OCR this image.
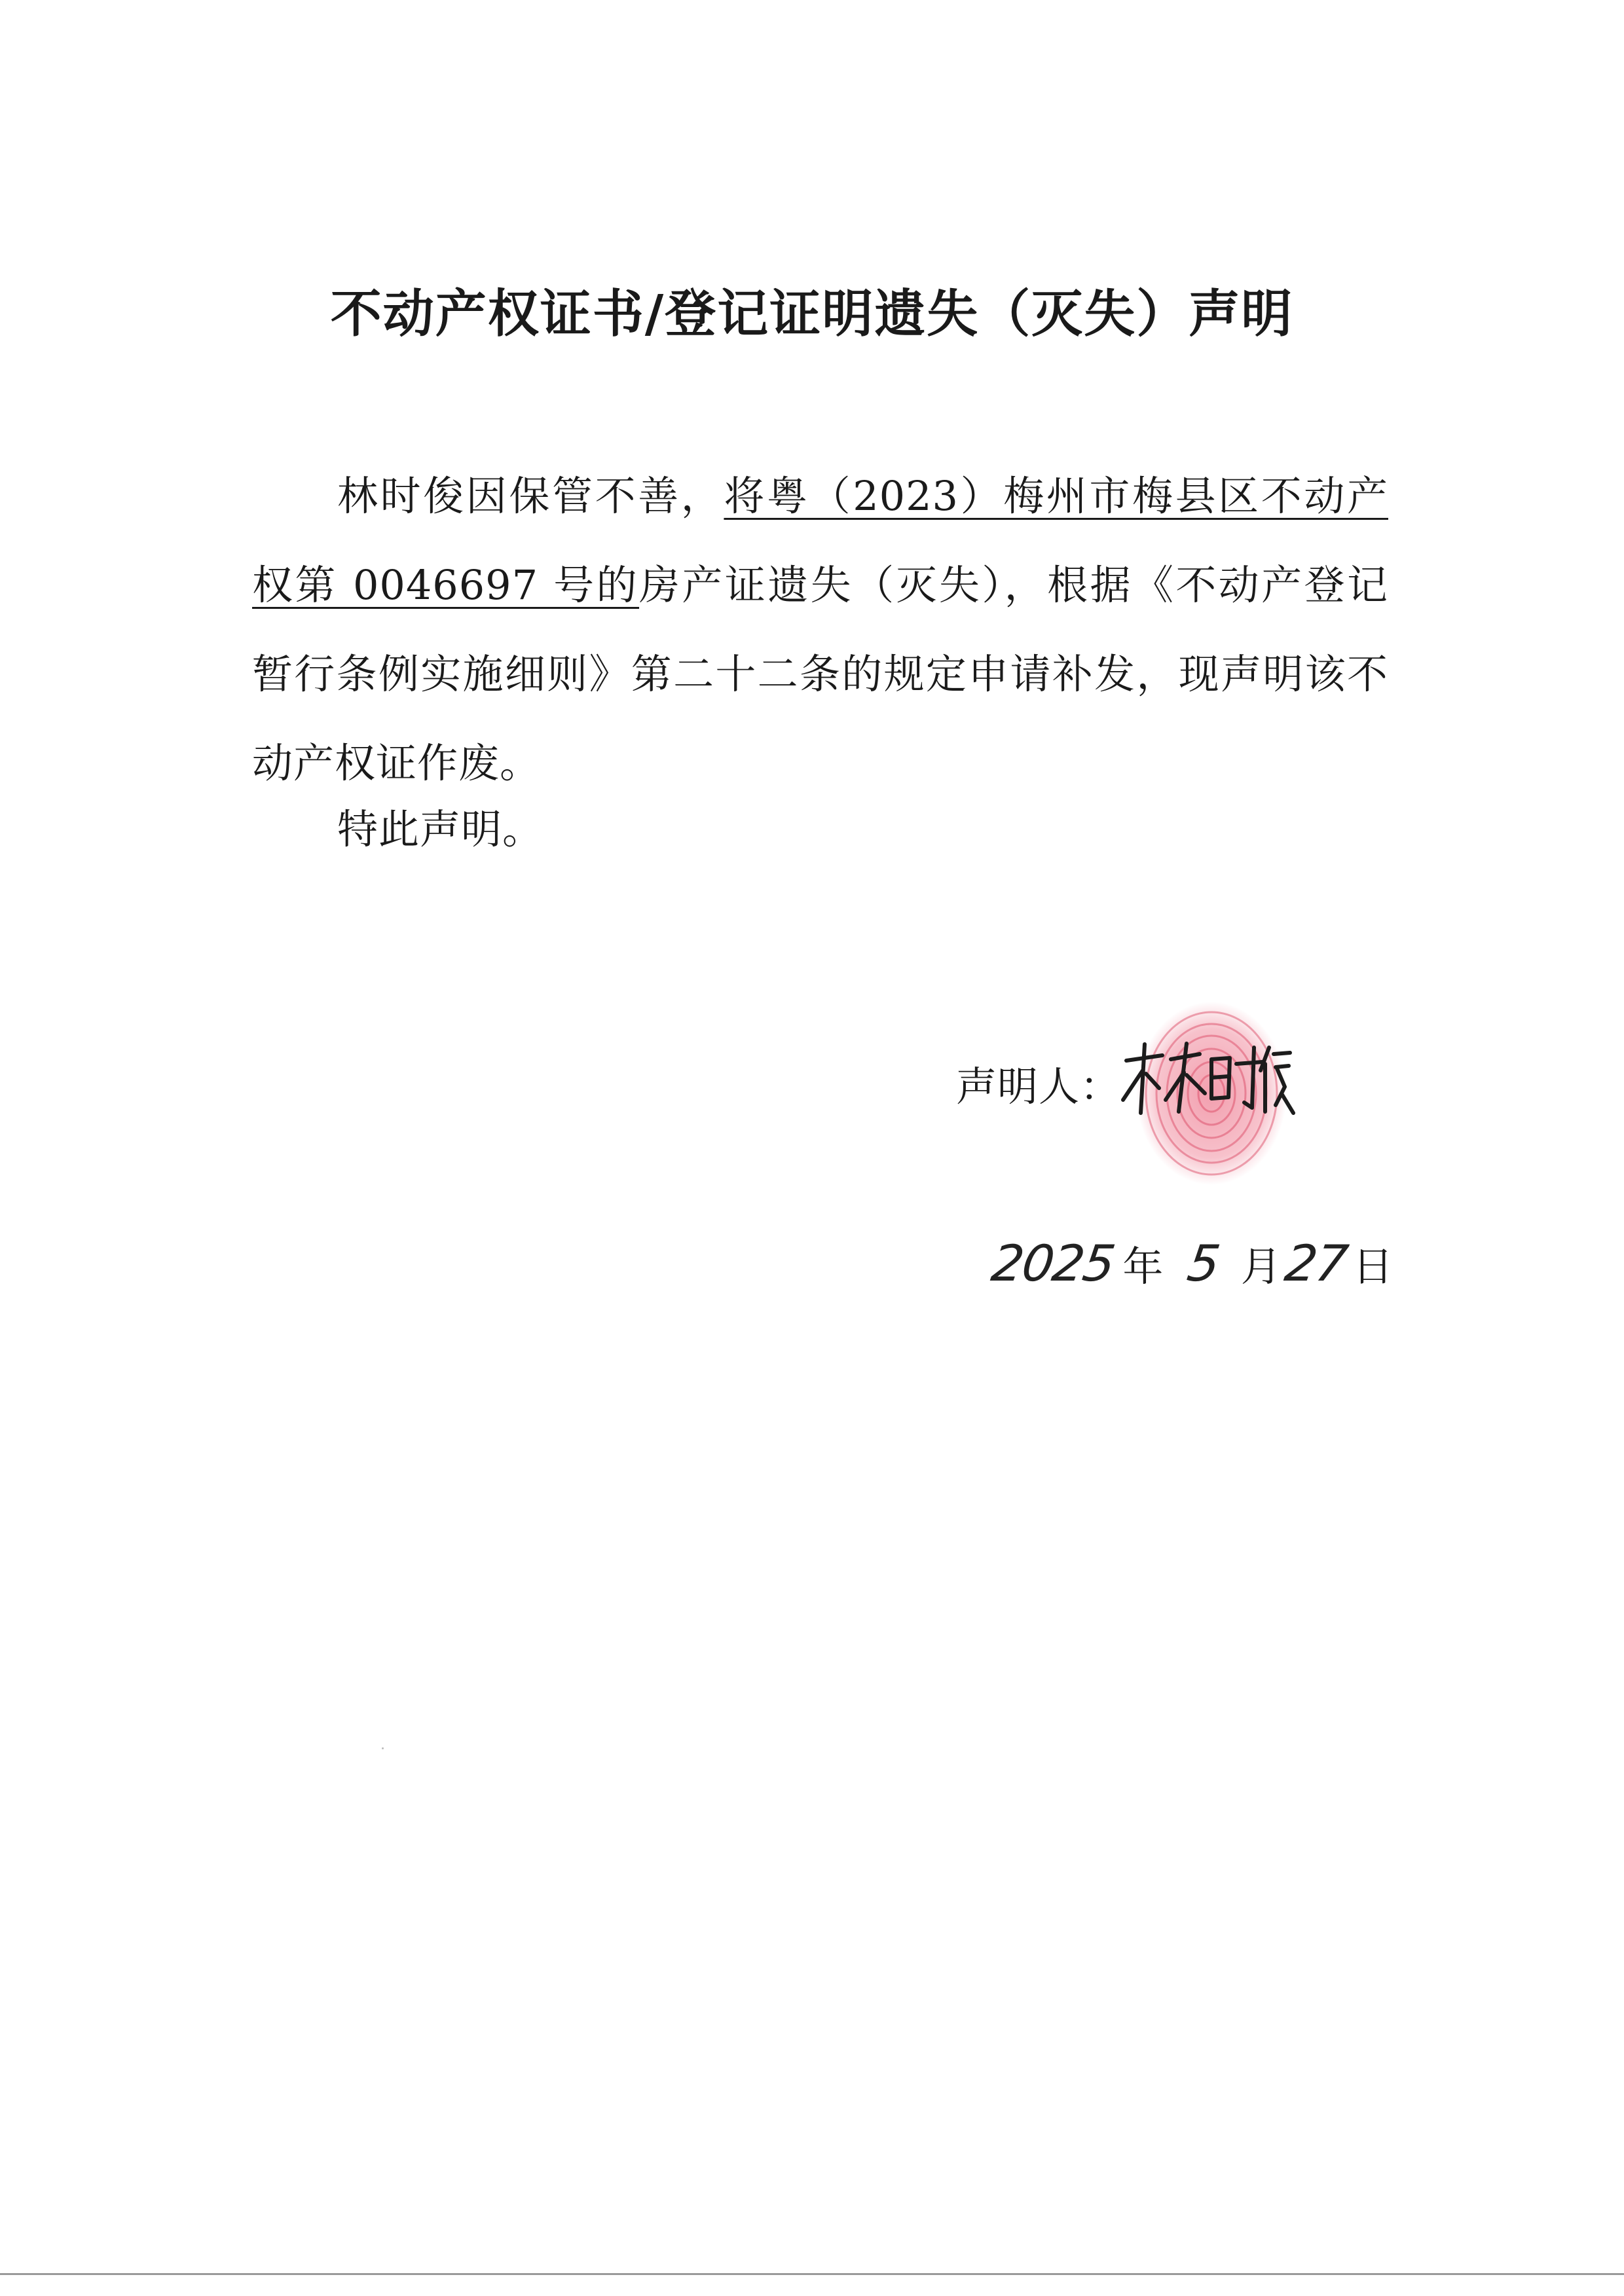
不动产权证书/登记证明遗失（灭失）声明

林时俊因保管不善，将粤（2023）梅州市梅县区不动产权第 0046697 号的房产证遗失（灭失），根据《不动产登记暂行条例实施细则》第二十二条的规定申请补发，现声明该不动产权证作废。

特此声明。
声明人：
2025 年 5 月27日
